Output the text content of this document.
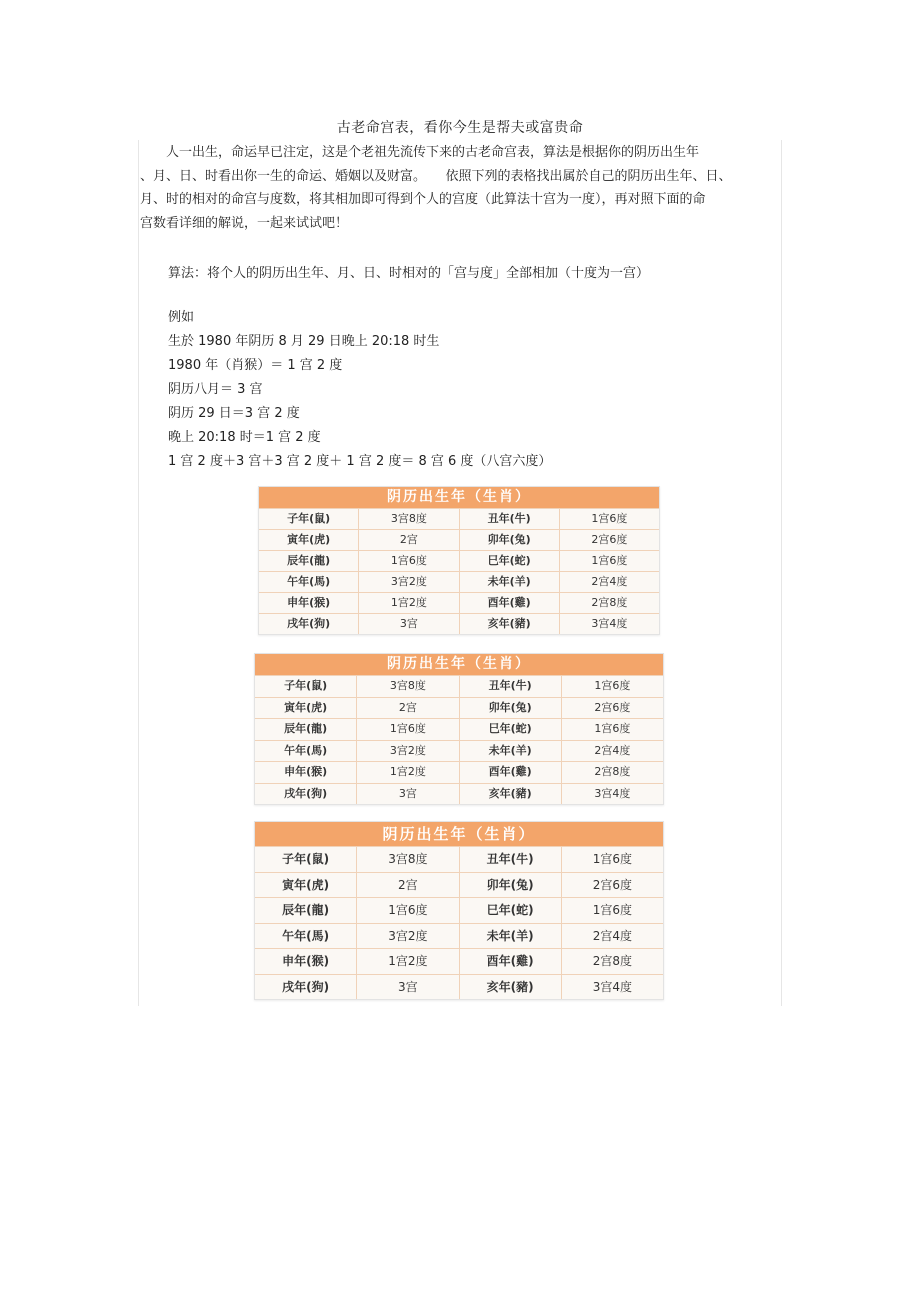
古老命宫表，看你今生是帮夫或富贵命
　　人一出生，命运早已注定，这是个老祖先流传下来的古老命宫表，算法是根据你的阴历出生年
、月、日、时看出你一生的命运、婚姻以及财富。　　依照下列的表格找出属於自己的阴历出生年、日、
月、时的相对的命宫与度数，将其相加即可得到个人的宫度（此算法十宫为一度），再对照下面的命
宫数看详细的解说，一起来试试吧！
算法：将个人的阴历出生年、月、日、时相对的「宫与度」全部相加（十度为一宫）
例如
生於 1980 年阴历 8 月 29 日晚上 20:18 时生
1980 年（肖猴）＝ 1 宫 2 度
阴历八月＝ 3 宫
阴历 29 日＝3 宫 2 度
晚上 20:18 时＝1 宫 2 度
1 宫 2 度＋3 宫＋3 宫 2 度＋ 1 宫 2 度＝ 8 宫 6 度（八宫六度）
阴历出生年（生肖）
子年(鼠)	3宫8度	丑年(牛)	1宫6度
寅年(虎)	2宫	卯年(兔)	2宫6度
辰年(龍)	1宫6度	巳年(蛇)	1宫6度
午年(馬)	3宫2度	未年(羊)	2宫4度
申年(猴)	1宫2度	酉年(雞)	2宫8度
戌年(狗)	3宫	亥年(豬)	3宫4度
阴历出生年（生肖）
子年(鼠)	3宫8度	丑年(牛)	1宫6度
寅年(虎)	2宫	卯年(兔)	2宫6度
辰年(龍)	1宫6度	巳年(蛇)	1宫6度
午年(馬)	3宫2度	未年(羊)	2宫4度
申年(猴)	1宫2度	酉年(雞)	2宫8度
戌年(狗)	3宫	亥年(豬)	3宫4度
阴历出生年（生肖）
子年(鼠)	3宫8度	丑年(牛)	1宫6度
寅年(虎)	2宫	卯年(兔)	2宫6度
辰年(龍)	1宫6度	巳年(蛇)	1宫6度
午年(馬)	3宫2度	未年(羊)	2宫4度
申年(猴)	1宫2度	酉年(雞)	2宫8度
戌年(狗)	3宫	亥年(豬)	3宫4度
